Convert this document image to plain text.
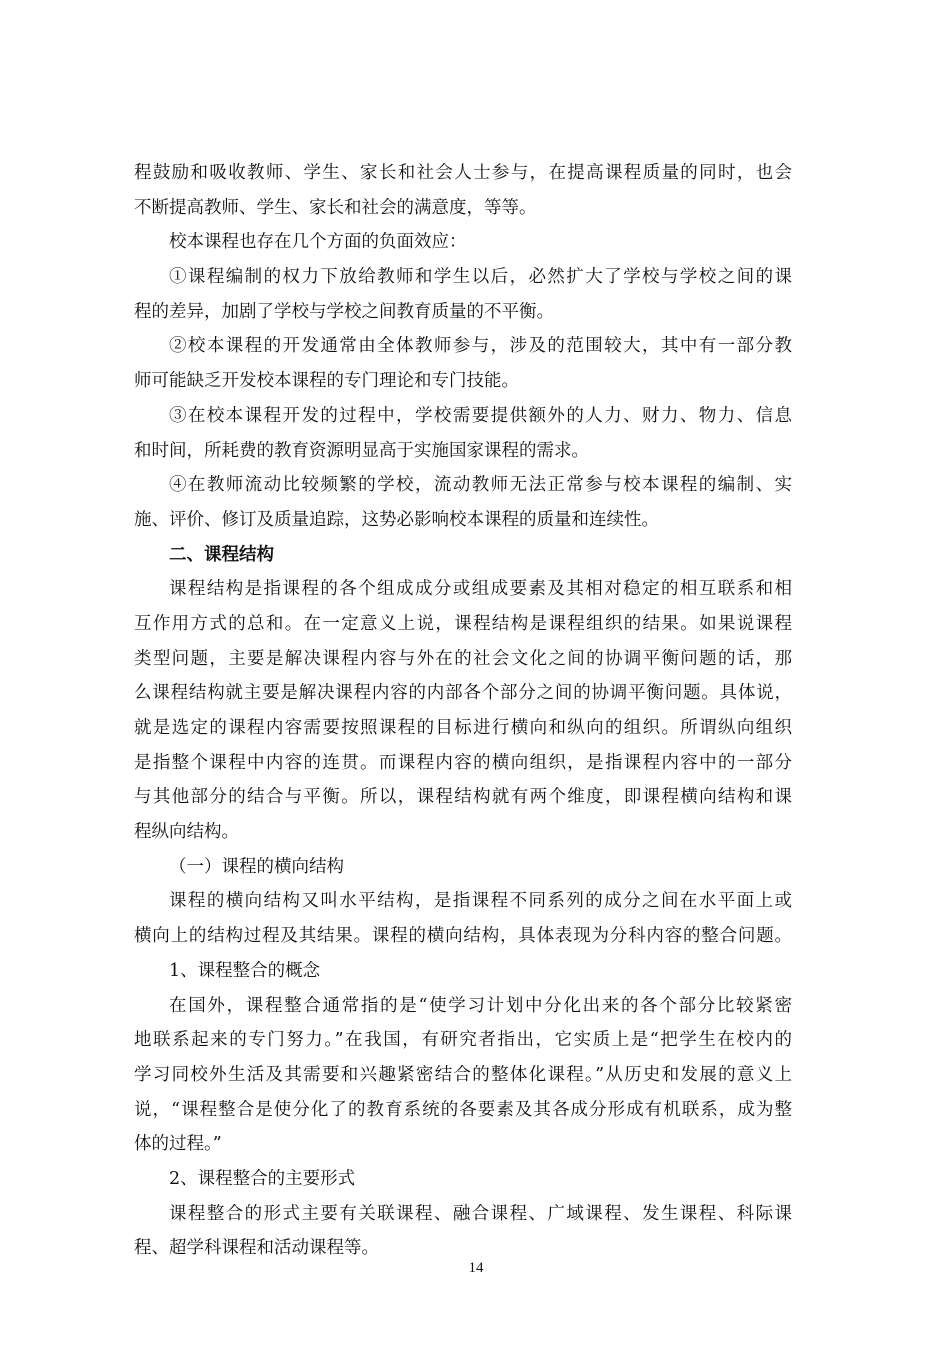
程鼓励和吸收教师、学生、家长和社会人士参与，在提高课程质量的同时，也会
不断提高教师、学生、家长和社会的满意度，等等。
校本课程也存在几个方面的负面效应：
①课程编制的权力下放给教师和学生以后，必然扩大了学校与学校之间的课
程的差异，加剧了学校与学校之间教育质量的不平衡。
②校本课程的开发通常由全体教师参与，涉及的范围较大，其中有一部分教
师可能缺乏开发校本课程的专门理论和专门技能。
③在校本课程开发的过程中，学校需要提供额外的人力、财力、物力、信息
和时间，所耗费的教育资源明显高于实施国家课程的需求。
④在教师流动比较频繁的学校，流动教师无法正常参与校本课程的编制、实
施、评价、修订及质量追踪，这势必影响校本课程的质量和连续性。
二、课程结构
课程结构是指课程的各个组成成分或组成要素及其相对稳定的相互联系和相
互作用方式的总和。在一定意义上说，课程结构是课程组织的结果。如果说课程
类型问题，主要是解决课程内容与外在的社会文化之间的协调平衡问题的话，那
么课程结构就主要是解决课程内容的内部各个部分之间的协调平衡问题。具体说，
就是选定的课程内容需要按照课程的目标进行横向和纵向的组织。所谓纵向组织
是指整个课程中内容的连贯。而课程内容的横向组织，是指课程内容中的一部分
与其他部分的结合与平衡。所以，课程结构就有两个维度，即课程横向结构和课
程纵向结构。
（一）课程的横向结构
课程的横向结构又叫水平结构，是指课程不同系列的成分之间在水平面上或
横向上的结构过程及其结果。课程的横向结构，具体表现为分科内容的整合问题。
1、课程整合的概念
在国外，课程整合通常指的是“使学习计划中分化出来的各个部分比较紧密
地联系起来的专门努力。”在我国，有研究者指出，它实质上是“把学生在校内的
学习同校外生活及其需要和兴趣紧密结合的整体化课程。”从历史和发展的意义上
说，“课程整合是使分化了的教育系统的各要素及其各成分形成有机联系，成为整
体的过程。”
2、课程整合的主要形式
课程整合的形式主要有关联课程、融合课程、广域课程、发生课程、科际课
程、超学科课程和活动课程等。
14
